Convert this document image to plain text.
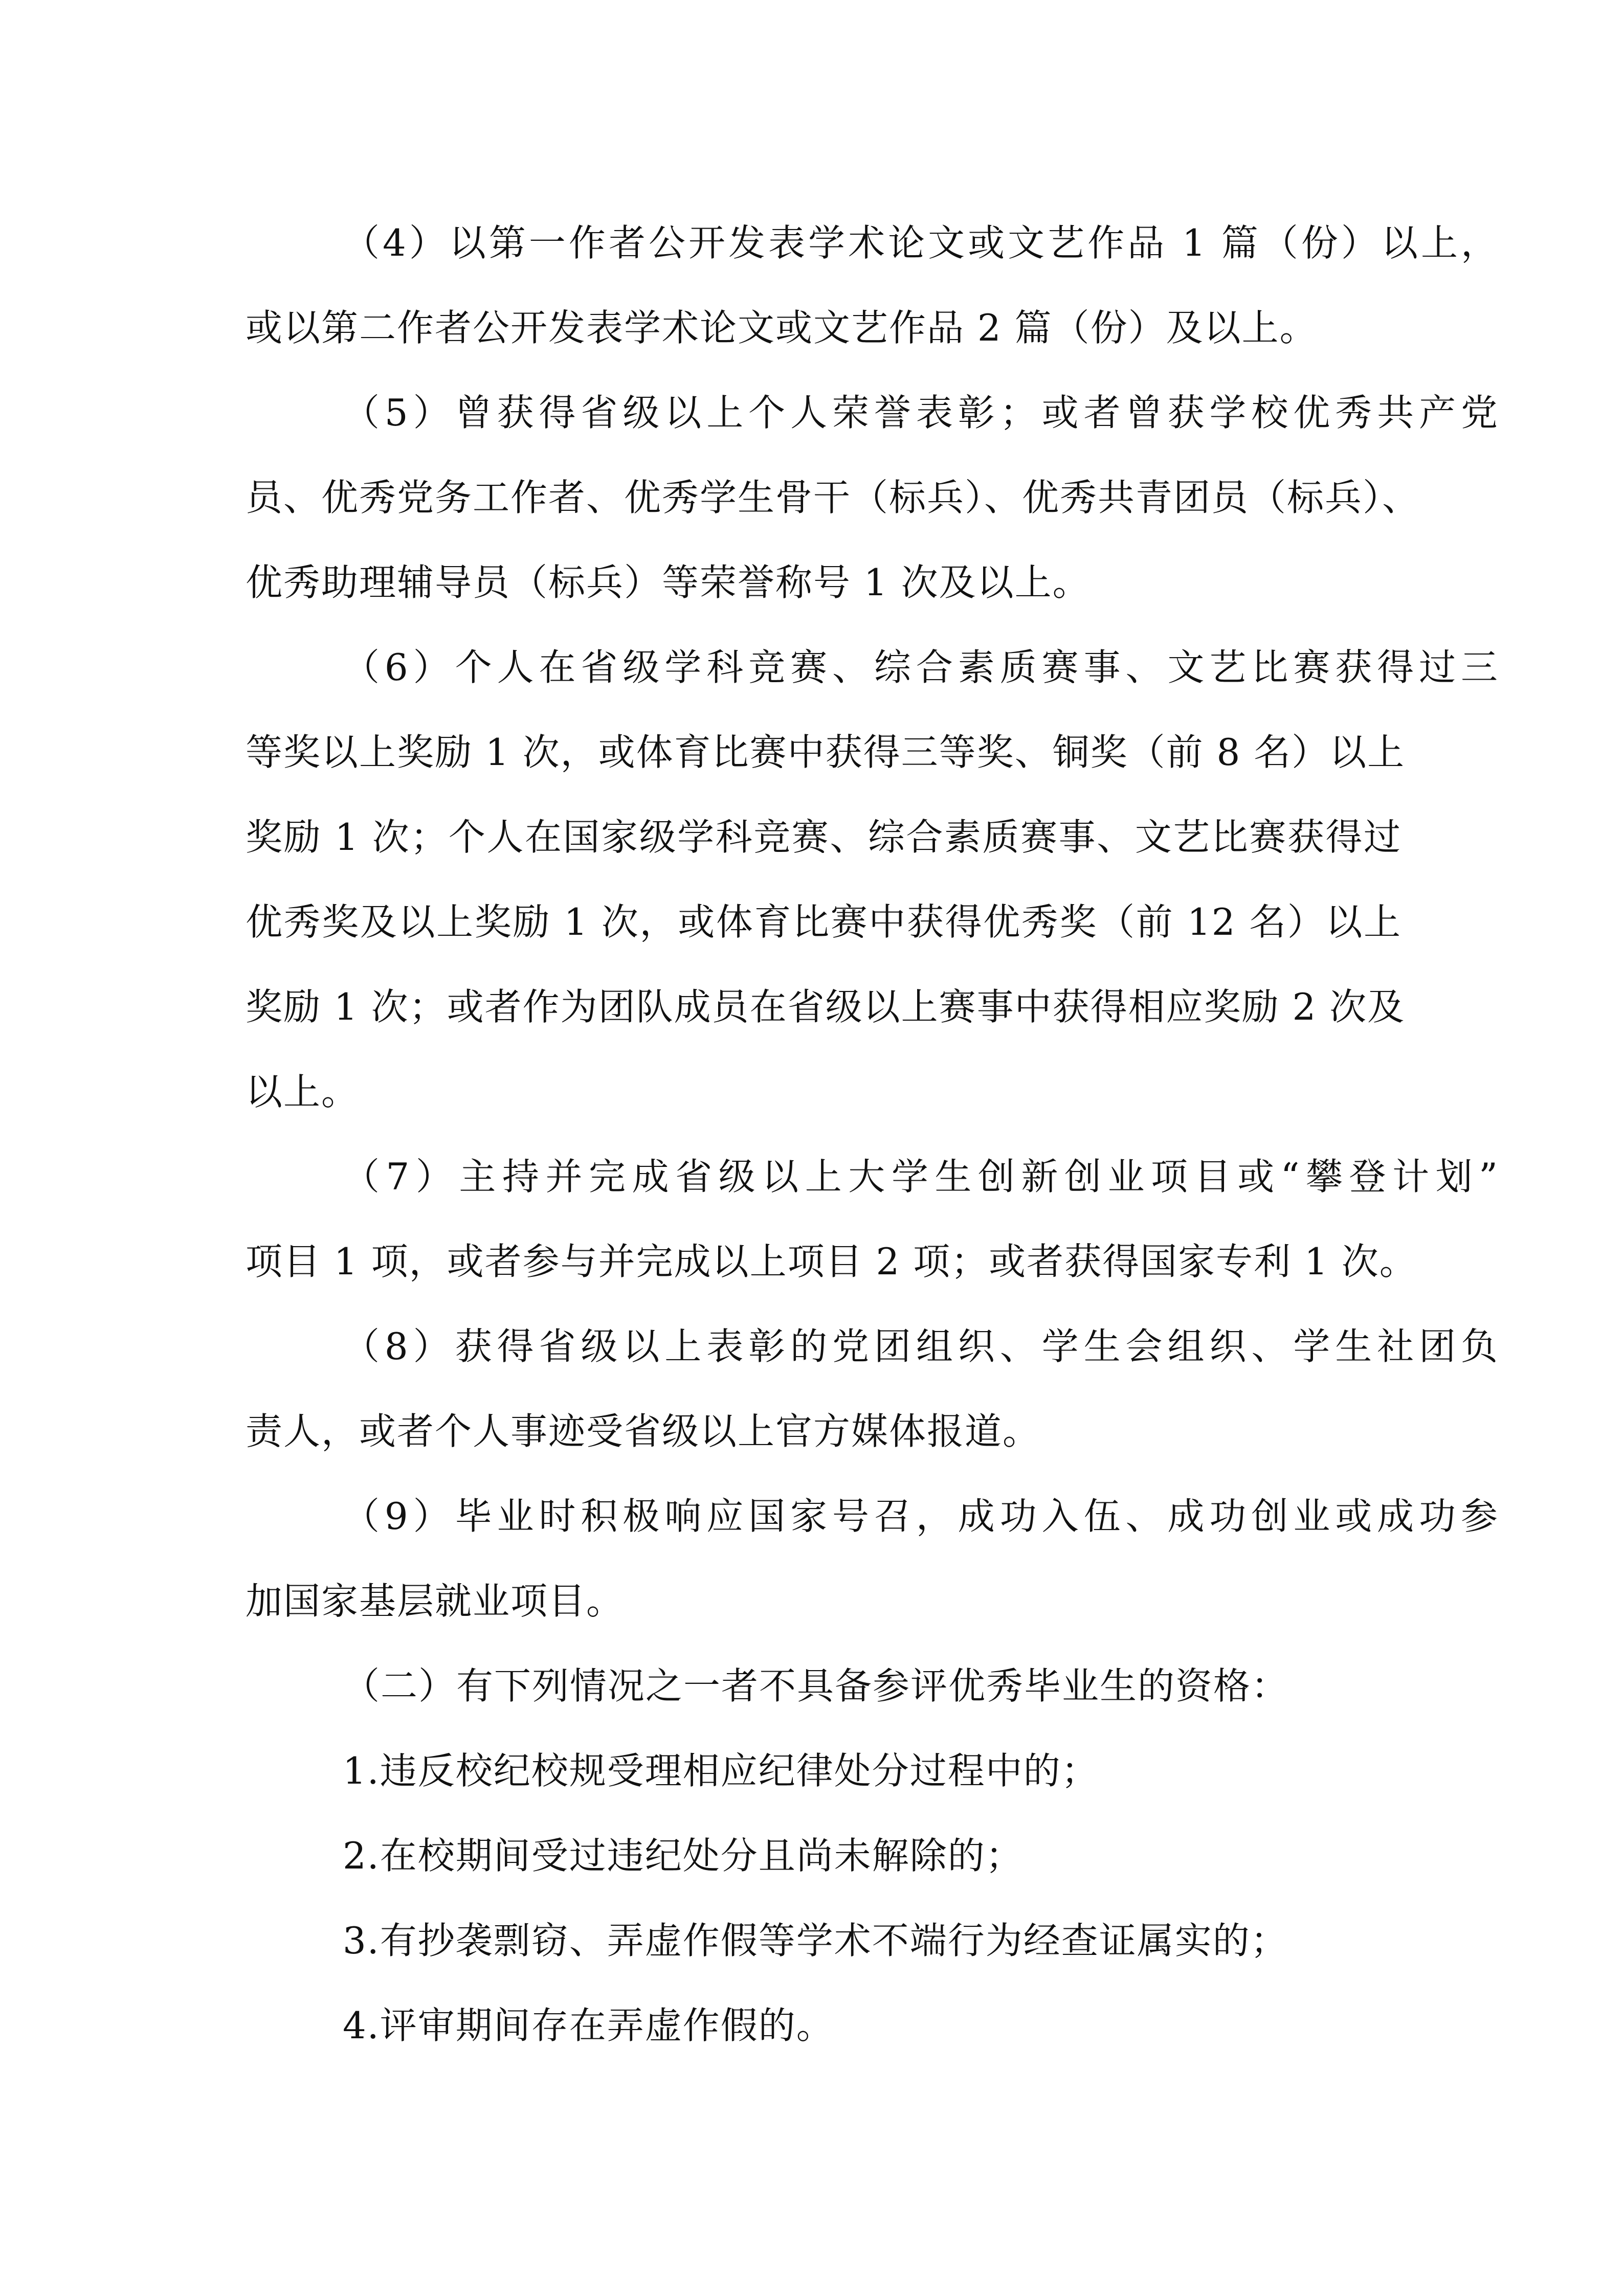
（4）以第一作者公开发表学术论文或文艺作品 1 篇（份）以上，
或以第二作者公开发表学术论文或文艺作品 2 篇（份）及以上。
（5）曾获得省级以上个人荣誉表彰；或者曾获学校优秀共产党
员、优秀党务工作者、优秀学生骨干（标兵）、优秀共青团员（标兵）、
优秀助理辅导员（标兵）等荣誉称号 1 次及以上。
（6）个人在省级学科竞赛、综合素质赛事、文艺比赛获得过三
等奖以上奖励 1 次，或体育比赛中获得三等奖、铜奖（前 8 名）以上
奖励 1 次；个人在国家级学科竞赛、综合素质赛事、文艺比赛获得过
优秀奖及以上奖励 1 次，或体育比赛中获得优秀奖（前 12 名）以上
奖励 1 次；或者作为团队成员在省级以上赛事中获得相应奖励 2 次及
以上。
（7）主持并完成省级以上大学生创新创业项目或“攀登计划”
项目 1 项，或者参与并完成以上项目 2 项；或者获得国家专利 1 次。
（8）获得省级以上表彰的党团组织、学生会组织、学生社团负
责人，或者个人事迹受省级以上官方媒体报道。
（9）毕业时积极响应国家号召，成功入伍、成功创业或成功参
加国家基层就业项目。
（二）有下列情况之一者不具备参评优秀毕业生的资格：
1.违反校纪校规受理相应纪律处分过程中的；
2.在校期间受过违纪处分且尚未解除的；
3.有抄袭剽窃、弄虚作假等学术不端行为经查证属实的；
4.评审期间存在弄虚作假的。
